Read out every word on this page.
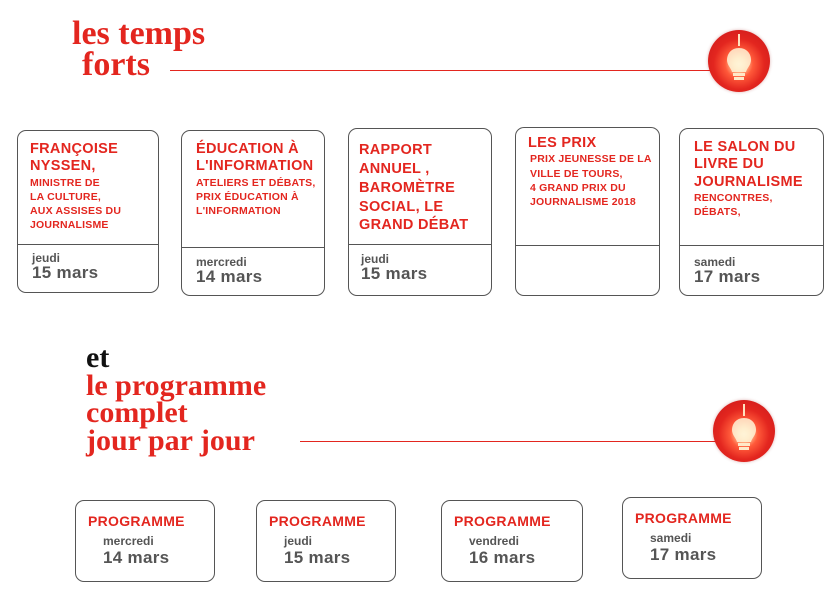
les temps
forts
FRANÇOISE NYSSEN,
MINISTRE DE
LA CULTURE,
AUX ASSISES DU
JOURNALISME
jeudi
15 mars
ÉDUCATION À L'INFORMATION
ATELIERS ET DÉBATS,
PRIX ÉDUCATION À
L'INFORMATION
mercredi
14 mars
RAPPORT ANNUEL , BAROMÈTRE SOCIAL, LE GRAND DÉBAT
jeudi
15 mars
LES PRIX
PRIX JEUNESSE DE LA
VILLE DE TOURS,
4 GRAND PRIX DU
JOURNALISME 2018
LE SALON DU LIVRE DU JOURNALISME
RENCONTRES,
DÉBATS,
samedi
17 mars
et
le programme
complet
jour par jour
PROGRAMME
mercredi
14 mars
PROGRAMME
jeudi
15 mars
PROGRAMME
vendredi
16 mars
PROGRAMME
samedi
17 mars
